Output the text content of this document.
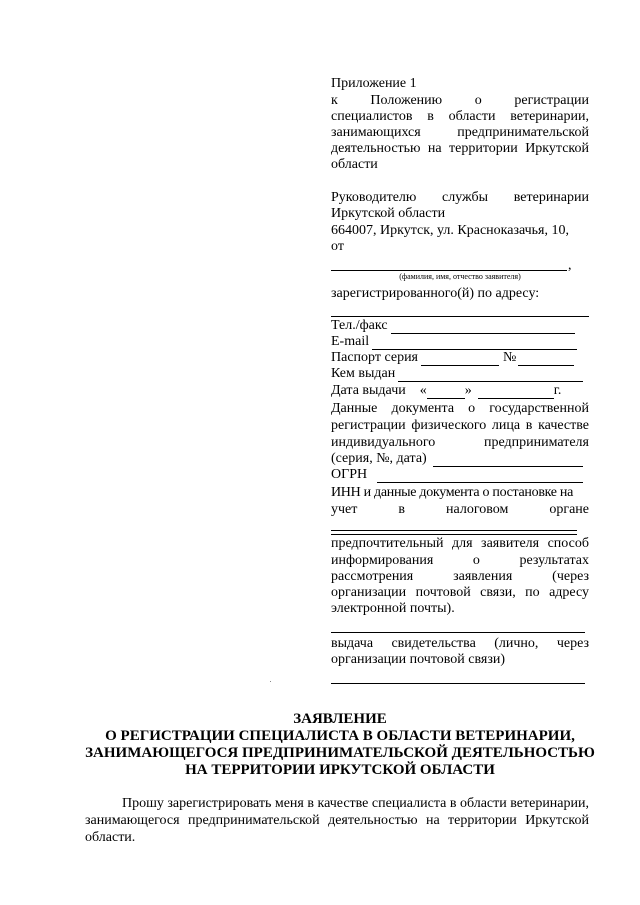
Приложение 1
к Положению о регистрации
специалистов в области ветеринарии,
занимающихся предпринимательской
деятельностью на территории Иркутской
области
Руководителю службы ветеринарии
Иркутской области
664007, Иркутск, ул. Красноказачья, 10,
от
,
(фамилия, имя, отчество заявителя)
зарегистрированного(й) по адресу:
Тел./факс
E-mail
Паспорт серия	№
Кем выдан
Дата выдачи «	»	г.
Данные документа о государственной
регистрации физического лица в качестве
индивидуального предпринимателя
(серия, №, дата)
ОГРН
ИНН и данные документа о постановке на
учет в налоговом органе
предпочтительный для заявителя способ
информирования о результатах
рассмотрения заявления (через
организации почтовой связи, по адресу
электронной почты).
выдача свидетельства (лично, через
организации почтовой связи)
ЗАЯВЛЕНИЕ
О РЕГИСТРАЦИИ СПЕЦИАЛИСТА В ОБЛАСТИ ВЕТЕРИНАРИИ,
ЗАНИМАЮЩЕГОСЯ ПРЕДПРИНИМАТЕЛЬСКОЙ ДЕЯТЕЛЬНОСТЬЮ
НА ТЕРРИТОРИИ ИРКУТСКОЙ ОБЛАСТИ
Прошу зарегистрировать меня в качестве специалиста в области ветеринарии, занимающегося предпринимательской деятельностью на территории Иркутской области.
